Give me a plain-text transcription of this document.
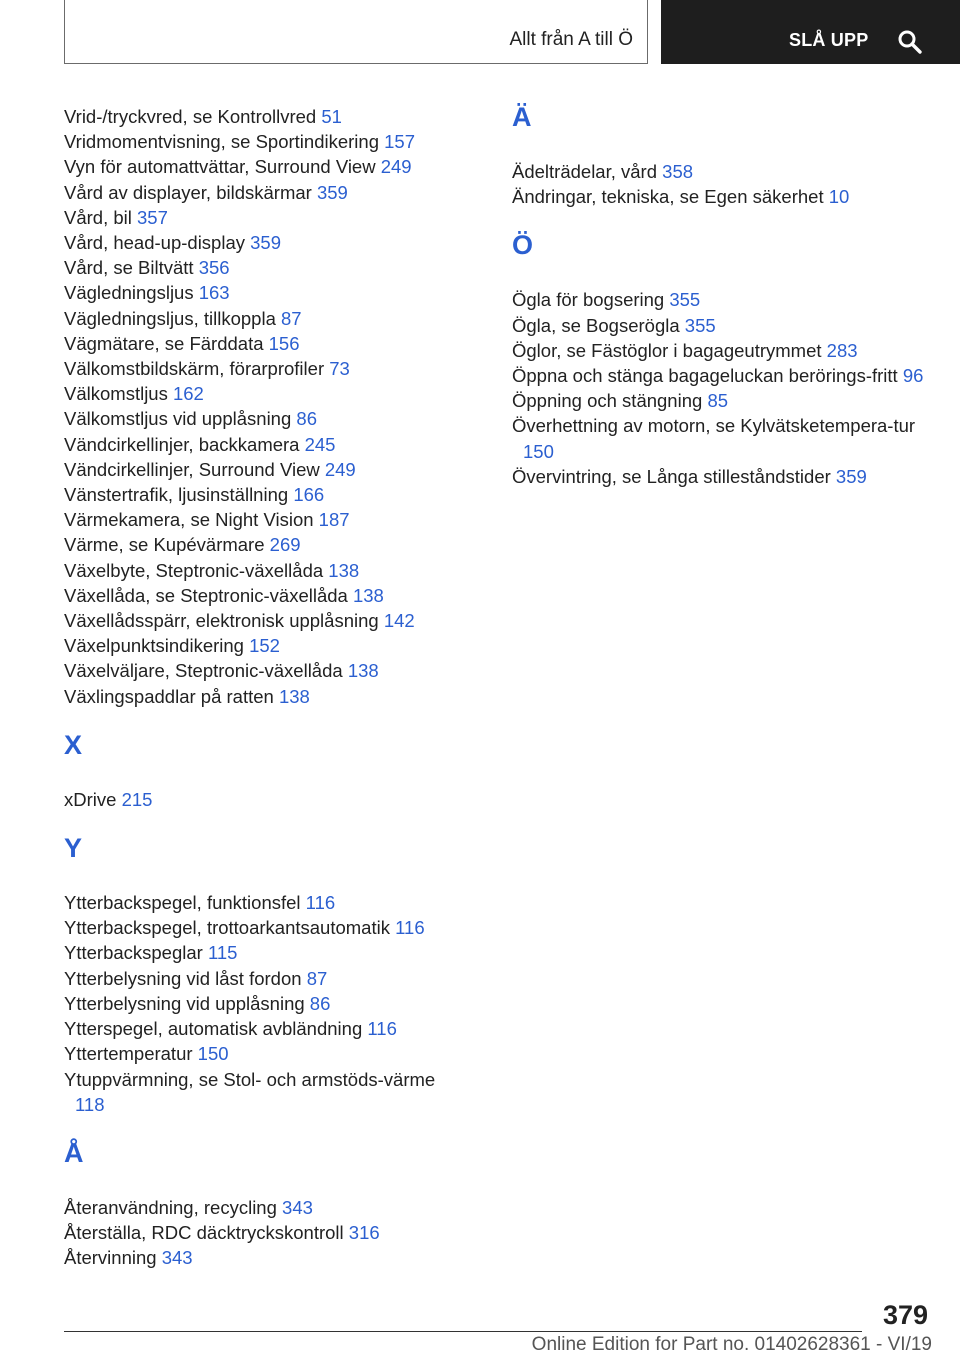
Allt från A till Ö	SLÅ UPP
Vrid-/tryckvred, se Kontrollvred 51
Vridmomentvisning, se Sportindikering 157
Vyn för automattvättar, Surround View 249
Vård av displayer, bildskärmar 359
Vård, bil 357
Vård, head-up-display 359
Vård, se Biltvätt 356
Vägledningsljus 163
Vägledningsljus, tillkoppla 87
Vägmätare, se Färddata 156
Välkomstbildskärm, förarprofiler 73
Välkomstljus 162
Välkomstljus vid upplåsning 86
Vändcirkellinjer, backkamera 245
Vändcirkellinjer, Surround View 249
Vänstertrafik, ljusinställning 166
Värmekamera, se Night Vision 187
Värme, se Kupévärmare 269
Växelbyte, Steptronic-växellåda 138
Växellåda, se Steptronic-växellåda 138
Växellådsspärr, elektronisk upplåsning 142
Växelpunktsindikering 152
Växelväljare, Steptronic-växellåda 138
Växlingspaddlar på ratten 138
X
xDrive 215
Y
Ytterbackspegel, funktionsfel 116
Ytterbackspegel, trottoarkantsautomatik 116
Ytterbackspeglar 115
Ytterbelysning vid låst fordon 87
Ytterbelysning vid upplåsning 86
Ytterspegel, automatisk avbländning 116
Yttertemperatur 150
Ytuppvärmning, se Stol- och armstöds‐värme 118
Å
Återanvändning, recycling 343
Återställa, RDC däcktryckskontroll 316
Återvinning 343
Ä
Ädelträdelar, vård 358
Ändringar, tekniska, se Egen säkerhet 10
Ö
Ögla för bogsering 355
Ögla, se Bogserögla 355
Öglor, se Fästöglor i bagageutrymmet 283
Öppna och stänga bagageluckan berörings‐fritt 96
Öppning och stängning 85
Överhettning av motorn, se Kylvätsketempera‐tur 150
Övervintring, se Långa stilleståndstider 359
379
Online Edition for Part no. 01402628361 - VI/19
